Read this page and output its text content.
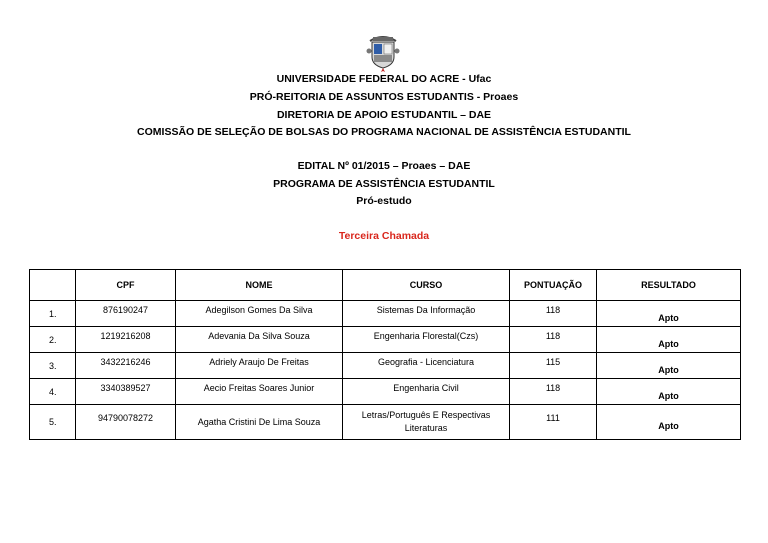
UNIVERSIDADE FEDERAL DO ACRE - Ufac
PRÓ-REITORIA DE ASSUNTOS ESTUDANTIS - Proaes
DIRETORIA DE APOIO ESTUDANTIL – DAE
COMISSÃO DE SELEÇÃO DE BOLSAS DO PROGRAMA NACIONAL DE ASSISTÊNCIA ESTUDANTIL
EDITAL Nº 01/2015 – Proaes – DAE
PROGRAMA DE ASSISTÊNCIA ESTUDANTIL
Pró-estudo
Terceira Chamada
	CPF	NOME	CURSO	PONTUAÇÃO	RESULTADO
1.	876190247	Adegilson Gomes Da Silva	Sistemas Da Informação	118	Apto
2.	1219216208	Adevania Da Silva Souza	Engenharia Florestal(Czs)	118	Apto
3.	3432216246	Adriely Araujo De Freitas	Geografia - Licenciatura	115	Apto
4.	3340389527	Aecio Freitas Soares Junior	Engenharia Civil	118	Apto
5.	94790078272	Agatha Cristini De Lima Souza	Letras/Português E Respectivas Literaturas	111	Apto
